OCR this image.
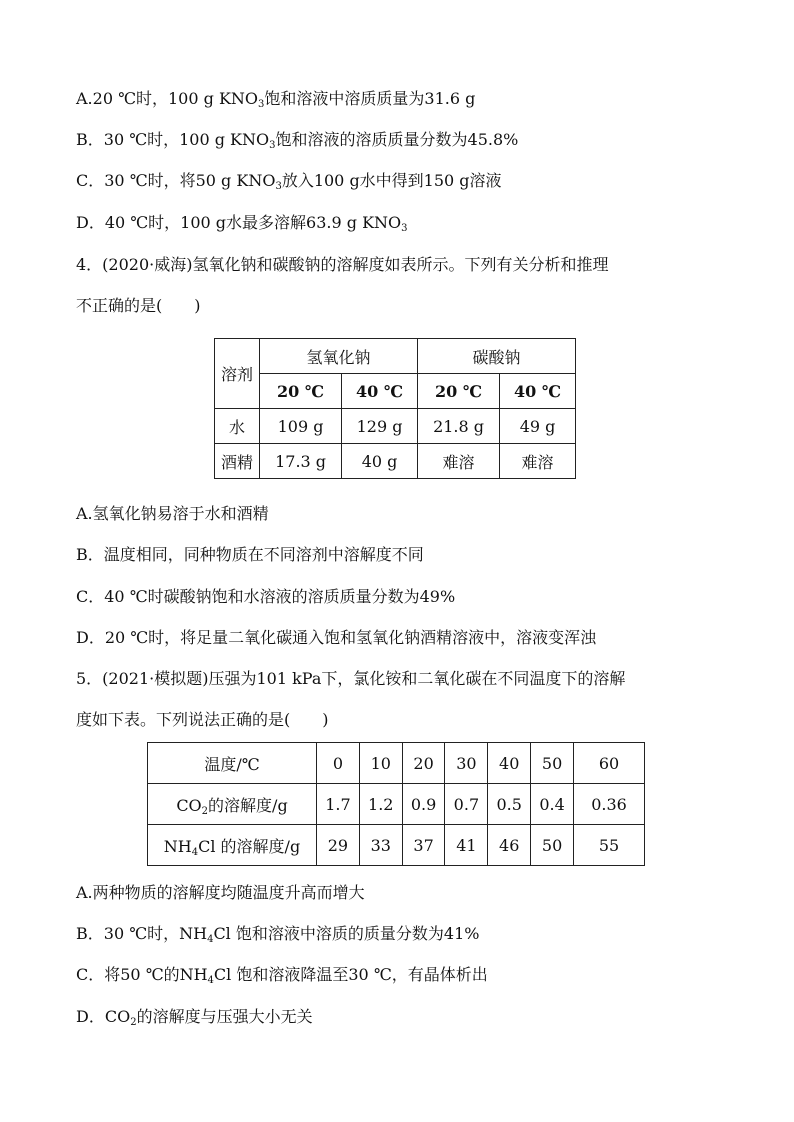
A.20 ℃时，100 g $KNO_3$饱和溶液中溶质质量为31.6 g
B．30 ℃时，100 g $KNO_3$饱和溶液的溶质质量分数为45.8%
C．30 ℃时，将50 g $KNO_3$放入100 g水中得到150 g溶液
D．40 ℃时，100 g水最多溶解63.9 g $KNO_3$
4．(2020·威海)氢氧化钠和碳酸钠的溶解度如表所示。下列有关分析和推理
不正确的是(　　)
溶剂	氢氧化钠		碳酸钠	
	20 ℃	40 ℃	20 ℃	40 ℃
水	109 g	129 g	21.8 g	49 g
酒精	17.3 g	40 g	难溶	难溶
A.氢氧化钠易溶于水和酒精
B．温度相同，同种物质在不同溶剂中溶解度不同
C．40 ℃时碳酸钠饱和水溶液的溶质质量分数为49%
D．20 ℃时，将足量二氧化碳通入饱和氢氧化钠酒精溶液中，溶液变浑浊
5．(2021·模拟题)压强为101 kPa下，氯化铵和二氧化碳在不同温度下的溶解
度如下表。下列说法正确的是(　　)
温度/℃	0	10	20	30	40	50	60
$CO_2$的溶解度/g	1.7	1.2	0.9	0.7	0.5	0.4	0.36
$NH_4Cl$ 的溶解度/g	29	33	37	41	46	50	55
A.两种物质的溶解度均随温度升高而增大
B．30 ℃时，$NH_4Cl$ 饱和溶液中溶质的质量分数为41%
C．将50 ℃的$NH_4Cl$ 饱和溶液降温至30 ℃，有晶体析出
D．$CO_2$的溶解度与压强大小无关
